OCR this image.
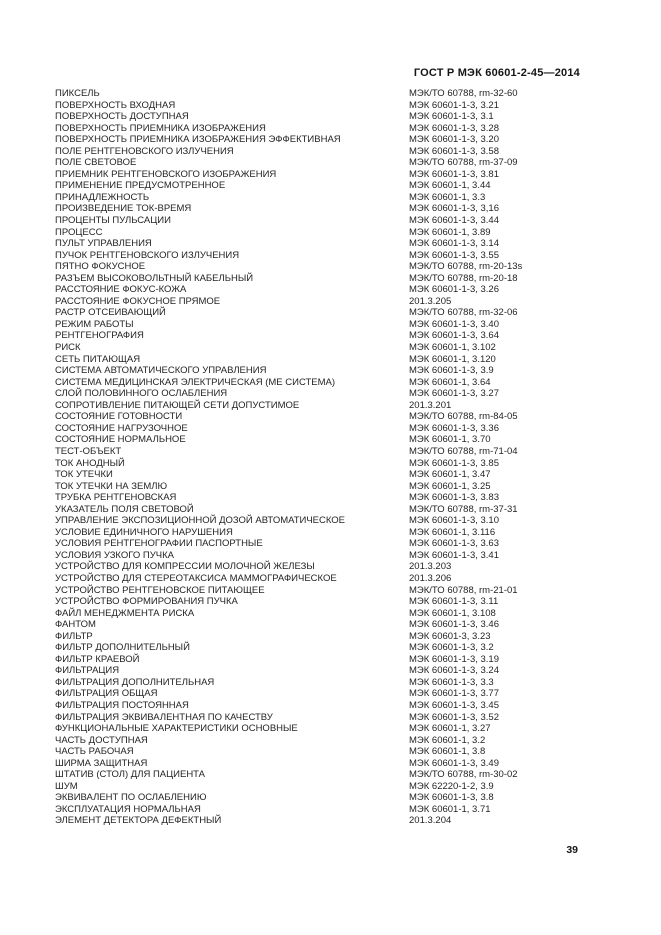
ГОСТ Р МЭК 60601-2-45—2014
ПИКСЕЛЬ	МЭК/ТО 60788, rm-32-60
ПОВЕРХНОСТЬ ВХОДНАЯ	МЭК 60601-1-3, 3.21
ПОВЕРХНОСТЬ ДОСТУПНАЯ	МЭК 60601-1-3, 3.1
ПОВЕРХНОСТЬ ПРИЕМНИКА ИЗОБРАЖЕНИЯ	МЭК 60601-1-3, 3.28
ПОВЕРХНОСТЬ ПРИЕМНИКА ИЗОБРАЖЕНИЯ ЭФФЕКТИВНАЯ	МЭК 60601-1-3, 3.20
ПОЛЕ РЕНТГЕНОВСКОГО ИЗЛУЧЕНИЯ	МЭК 60601-1-3, 3.58
ПОЛЕ СВЕТОВОЕ	МЭК/ТО 60788, rm-37-09
ПРИЕМНИК РЕНТГЕНОВСКОГО ИЗОБРАЖЕНИЯ	МЭК 60601-1-3, 3.81
ПРИМЕНЕНИЕ ПРЕДУСМОТРЕННОЕ	МЭК 60601-1, 3.44
ПРИНАДЛЕЖНОСТЬ	МЭК 60601-1, 3.3
ПРОИЗВЕДЕНИЕ ТОК-ВРЕМЯ	МЭК 60601-1-3, 3,16
ПРОЦЕНТЫ ПУЛЬСАЦИИ	МЭК 60601-1-3, 3.44
ПРОЦЕСС	МЭК 60601-1, 3.89
ПУЛЬТ УПРАВЛЕНИЯ	МЭК 60601-1-3, 3.14
ПУЧОК РЕНТГЕНОВСКОГО ИЗЛУЧЕНИЯ	МЭК 60601-1-3, 3.55
ПЯТНО ФОКУСНОЕ	МЭК/ТО 60788, rm-20-13s
РАЗЪЕМ ВЫСОКОВОЛЬТНЫЙ КАБЕЛЬНЫЙ	МЭК/ТО 60788, rm-20-18
РАССТОЯНИЕ ФОКУС-КОЖА	МЭК 60601-1-3, 3.26
РАССТОЯНИЕ ФОКУСНОЕ ПРЯМОЕ	201.3.205
РАСТР ОТСЕИВАЮЩИЙ	МЭК/ТО 60788, rm-32-06
РЕЖИМ РАБОТЫ	МЭК 60601-1-3, 3.40
РЕНТГЕНОГРАФИЯ	МЭК 60601-1-3, 3.64
РИСК	МЭК 60601-1, 3.102
СЕТЬ ПИТАЮЩАЯ	МЭК 60601-1, 3.120
СИСТЕМА АВТОМАТИЧЕСКОГО УПРАВЛЕНИЯ	МЭК 60601-1-3, 3.9
СИСТЕМА МЕДИЦИНСКАЯ ЭЛЕКТРИЧЕСКАЯ (МЕ СИСТЕМА)	МЭК 60601-1, 3.64
СЛОЙ ПОЛОВИННОГО ОСЛАБЛЕНИЯ	МЭК 60601-1-3, 3.27
СОПРОТИВЛЕНИЕ ПИТАЮЩЕЙ СЕТИ ДОПУСТИМОЕ	201.3.201
СОСТОЯНИЕ ГОТОВНОСТИ	МЭК/ТО 60788, rm-84-05
СОСТОЯНИЕ НАГРУЗОЧНОЕ	МЭК 60601-1-3, 3.36
СОСТОЯНИЕ НОРМАЛЬНОЕ	МЭК 60601-1, 3.70
ТЕСТ-ОБЪЕКТ	МЭК/ТО 60788, rm-71-04
ТОК АНОДНЫЙ	МЭК 60601-1-3, 3.85
ТОК УТЕЧКИ	МЭК 60601-1, 3.47
ТОК УТЕЧКИ НА ЗЕМЛЮ	МЭК 60601-1, 3.25
ТРУБКА РЕНТГЕНОВСКАЯ	МЭК 60601-1-3, 3.83
УКАЗАТЕЛЬ ПОЛЯ СВЕТОВОЙ	МЭК/ТО 60788, rm-37-31
УПРАВЛЕНИЕ ЭКСПОЗИЦИОННОЙ ДОЗОЙ АВТОМАТИЧЕСКОЕ	МЭК 60601-1-3, 3.10
УСЛОВИЕ ЕДИНИЧНОГО НАРУШЕНИЯ	МЭК 60601-1, 3.116
УСЛОВИЯ РЕНТГЕНОГРАФИИ ПАСПОРТНЫЕ	МЭК 60601-1-3, 3.63
УСЛОВИЯ УЗКОГО ПУЧКА	МЭК 60601-1-3, 3.41
УСТРОЙСТВО ДЛЯ КОМПРЕССИИ МОЛОЧНОЙ ЖЕЛЕЗЫ	201.3.203
УСТРОЙСТВО ДЛЯ СТЕРЕОТАКСИСА МАММОГРАФИЧЕСКОЕ	201.3.206
УСТРОЙСТВО РЕНТГЕНОВСКОЕ ПИТАЮЩЕЕ	МЭК/ТО 60788, rm-21-01
УСТРОЙСТВО ФОРМИРОВАНИЯ ПУЧКА	МЭК 60601-1-3, 3.11
ФАЙЛ МЕНЕДЖМЕНТА РИСКА	МЭК 60601-1, 3.108
ФАНТОМ	МЭК 60601-1-3, 3.46
ФИЛЬТР	МЭК 60601-3, 3.23
ФИЛЬТР ДОПОЛНИТЕЛЬНЫЙ	МЭК 60601-1-3, 3.2
ФИЛЬТР КРАЕВОЙ	МЭК 60601-1-3, 3.19
ФИЛЬТРАЦИЯ	МЭК 60601-1-3, 3.24
ФИЛЬТРАЦИЯ ДОПОЛНИТЕЛЬНАЯ	МЭК 60601-1-3, 3.3
ФИЛЬТРАЦИЯ ОБЩАЯ	МЭК 60601-1-3, 3.77
ФИЛЬТРАЦИЯ ПОСТОЯННАЯ	МЭК 60601-1-3, 3.45
ФИЛЬТРАЦИЯ ЭКВИВАЛЕНТНАЯ ПО КАЧЕСТВУ	МЭК 60601-1-3, 3.52
ФУНКЦИОНАЛЬНЫЕ ХАРАКТЕРИСТИКИ ОСНОВНЫЕ	МЭК 60601-1, 3.27
ЧАСТЬ ДОСТУПНАЯ	МЭК 60601-1, 3.2
ЧАСТЬ РАБОЧАЯ	МЭК 60601-1, 3.8
ШИРМА ЗАЩИТНАЯ	МЭК 60601-1-3, 3.49
ШТАТИВ (СТОЛ) ДЛЯ ПАЦИЕНТА	МЭК/ТО 60788, rm-30-02
ШУМ	МЭК 62220-1-2, 3.9
ЭКВИВАЛЕНТ ПО ОСЛАБЛЕНИЮ	МЭК 60601-1-3, 3.8
ЭКСПЛУАТАЦИЯ НОРМАЛЬНАЯ	МЭК 60601-1, 3.71
ЭЛЕМЕНТ ДЕТЕКТОРА ДЕФЕКТНЫЙ	201.3.204
39
